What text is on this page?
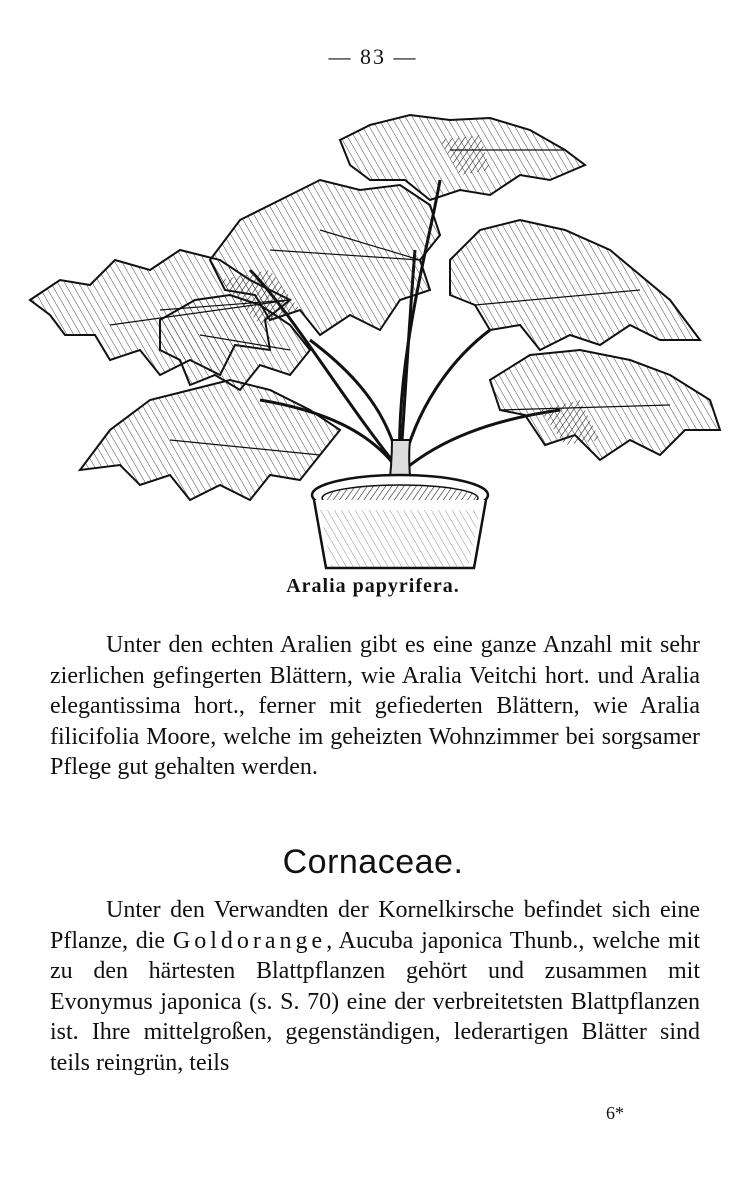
— 83 —
Aralia papyrifera.

Unter den echten Aralien gibt es eine ganze Anzahl mit sehr zierlichen gefingerten Blättern, wie Aralia Veitchi hort. und Aralia elegantissima hort., ferner mit gefiederten Blättern, wie Aralia filicifolia Moore, welche im geheizten Wohnzimmer bei sorgsamer Pflege gut gehalten werden.

Cornaceae.

Unter den Verwandten der Kornelkirsche befindet sich eine Pflanze, die Goldorange, Aucuba japonica Thunb., welche mit zu den härtesten Blattpflanzen gehört und zusammen mit Evonymus japonica (s. S. 70) eine der verbreitetsten Blattpflanzen ist. Ihre mittelgroßen, gegenständigen, lederartigen Blätter sind teils reingrün, teils

6*
